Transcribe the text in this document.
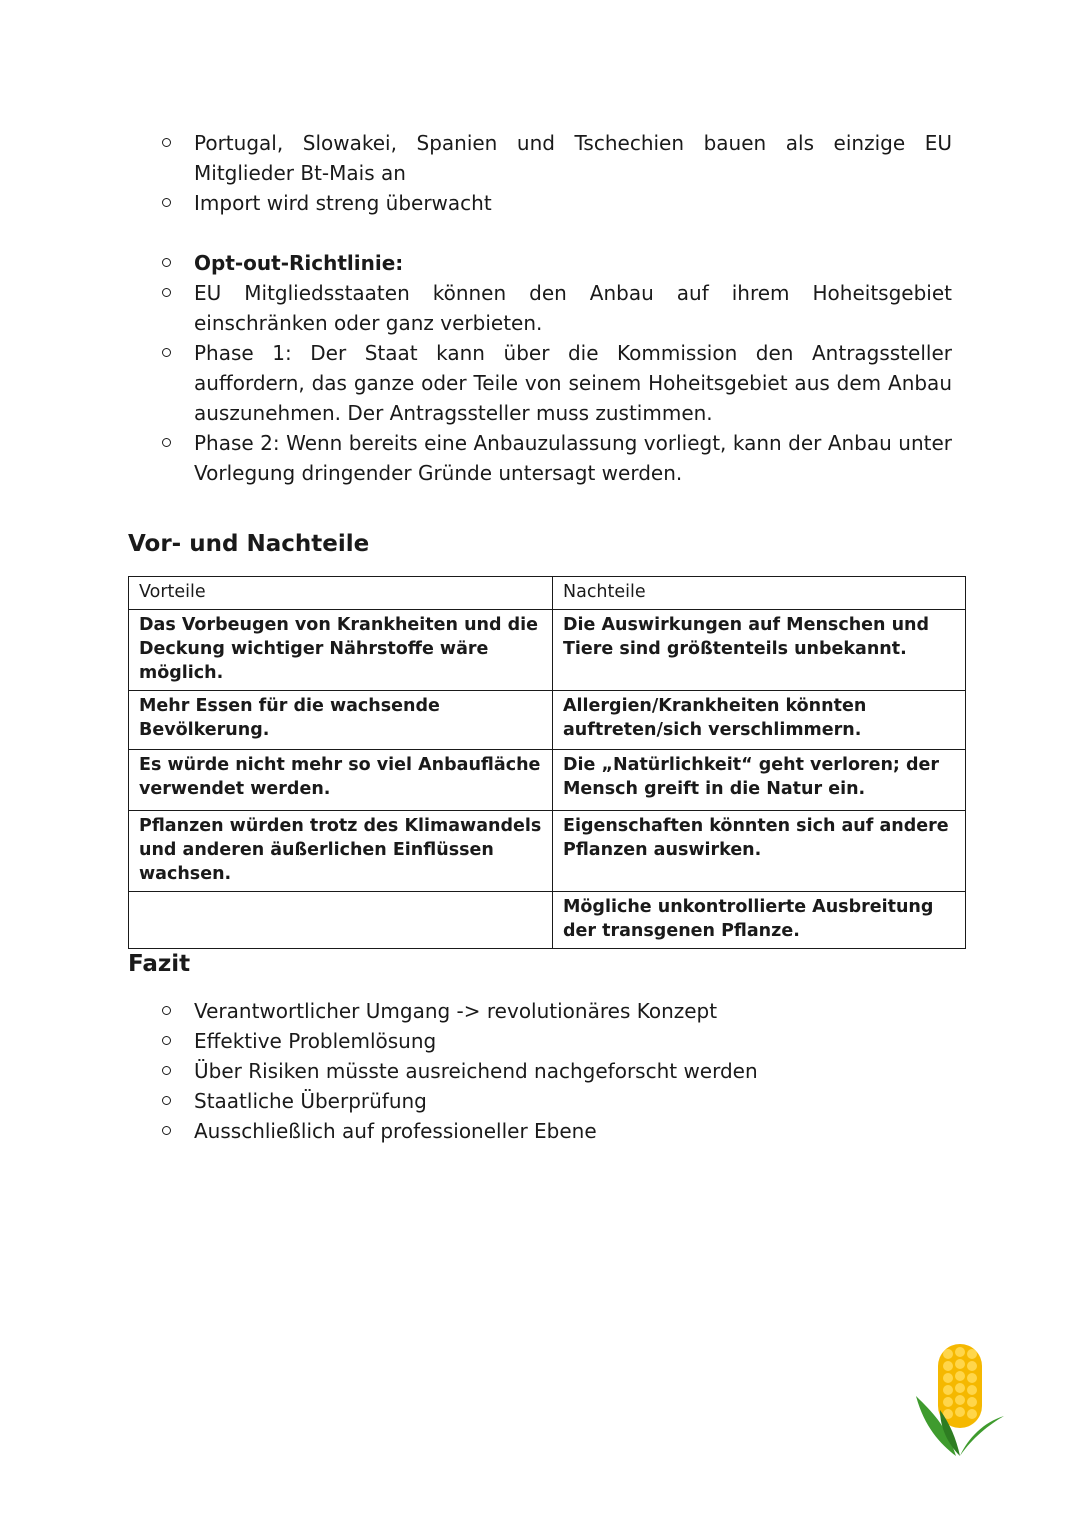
Portugal, Slowakei, Spanien und Tschechien bauen als einzige EU Mitglieder Bt-Mais an
Import wird streng überwacht
Opt-out-Richtlinie:
EU Mitgliedsstaaten können den Anbau auf ihrem Hoheitsgebiet einschränken oder ganz verbieten.
Phase 1: Der Staat kann über die Kommission den Antragssteller auffordern, das ganze oder Teile von seinem Hoheitsgebiet aus dem Anbau auszunehmen. Der Antragssteller muss zustimmen.
Phase 2: Wenn bereits eine Anbauzulassung vorliegt, kann der Anbau unter Vorlegung dringender Gründe untersagt werden.
Vor- und Nachteile
Vorteile	Nachteile
Das Vorbeugen von Krankheiten und die Deckung wichtiger Nährstoffe wäre möglich.	Die Auswirkungen auf Menschen und Tiere sind größtenteils unbekannt.
Mehr Essen für die wachsende Bevölkerung.	Allergien/Krankheiten könnten auftreten/sich verschlimmern.
Es würde nicht mehr so viel Anbaufläche verwendet werden.	Die „Natürlichkeit“ geht verloren; der Mensch greift in die Natur ein.
Pflanzen würden trotz des Klimawandels und anderen äußerlichen Einflüssen wachsen.	Eigenschaften könnten sich auf andere Pflanzen auswirken.
	Mögliche unkontrollierte Ausbreitung der transgenen Pflanze.
Fazit
Verantwortlicher Umgang -> revolutionäres Konzept
Effektive Problemlösung
Über Risiken müsste ausreichend nachgeforscht werden
Staatliche Überprüfung
Ausschließlich auf professioneller Ebene
